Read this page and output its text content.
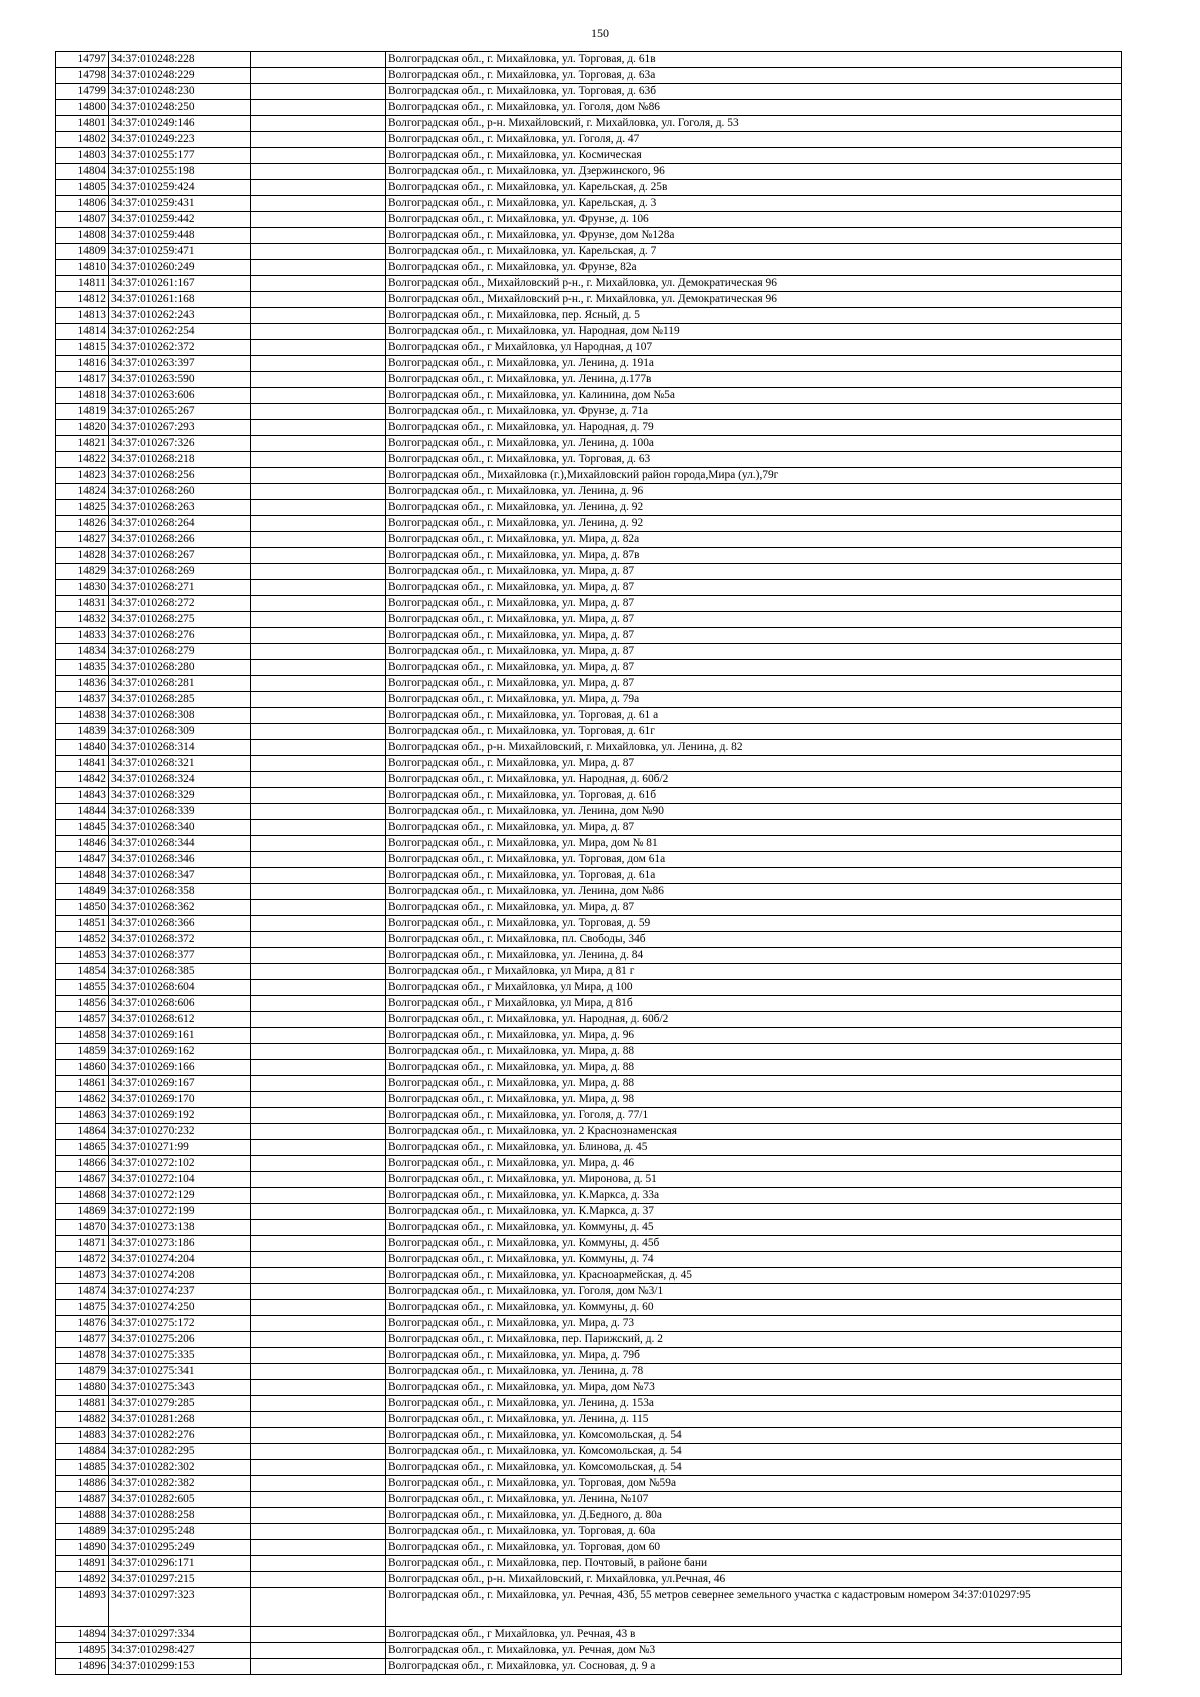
150
14797	34:37:010248:228		Волгоградская обл., г. Михайловка, ул. Торговая, д. 61в
14798	34:37:010248:229		Волгоградская обл., г. Михайловка, ул. Торговая, д. 63а
14799	34:37:010248:230		Волгоградская обл., г. Михайловка, ул. Торговая, д. 63б
14800	34:37:010248:250		Волгоградская обл., г. Михайловка, ул. Гоголя, дом №86
14801	34:37:010249:146		Волгоградская обл., р-н. Михайловский, г. Михайловка, ул. Гоголя, д. 53
14802	34:37:010249:223		Волгоградская обл., г. Михайловка, ул. Гоголя, д. 47
14803	34:37:010255:177		Волгоградская обл., г. Михайловка, ул. Космическая
14804	34:37:010255:198		Волгоградская обл., г. Михайловка, ул. Дзержинского, 96
14805	34:37:010259:424		Волгоградская обл., г. Михайловка, ул. Карельская, д. 25в
14806	34:37:010259:431		Волгоградская обл., г. Михайловка, ул. Карельская, д. 3
14807	34:37:010259:442		Волгоградская обл., г. Михайловка, ул. Фрунзе, д. 106
14808	34:37:010259:448		Волгоградская обл., г. Михайловка, ул. Фрунзе, дом №128а
14809	34:37:010259:471		Волгоградская обл., г. Михайловка, ул. Карельская, д. 7
14810	34:37:010260:249		Волгоградская обл., г. Михайловка, ул. Фрунзе, 82а
14811	34:37:010261:167		Волгоградская обл., Михайловский р-н., г. Михайловка, ул. Демократическая 96
14812	34:37:010261:168		Волгоградская обл., Михайловский р-н., г. Михайловка, ул. Демократическая 96
14813	34:37:010262:243		Волгоградская обл., г. Михайловка, пер. Ясный, д. 5
14814	34:37:010262:254		Волгоградская обл., г. Михайловка, ул. Народная, дом №119
14815	34:37:010262:372		Волгоградская обл., г Михайловка, ул Народная, д 107
14816	34:37:010263:397		Волгоградская обл., г. Михайловка, ул. Ленина, д. 191а
14817	34:37:010263:590		Волгоградская обл., г. Михайловка, ул. Ленина, д.177в
14818	34:37:010263:606		Волгоградская обл., г. Михайловка, ул. Калинина, дом №5а
14819	34:37:010265:267		Волгоградская обл., г. Михайловка, ул. Фрунзе, д. 71а
14820	34:37:010267:293		Волгоградская обл., г. Михайловка, ул. Народная, д. 79
14821	34:37:010267:326		Волгоградская обл., г. Михайловка, ул. Ленина, д. 100а
14822	34:37:010268:218		Волгоградская обл., г. Михайловка, ул. Торговая, д. 63
14823	34:37:010268:256		Волгоградская обл., Михайловка (г.),Михайловский район города,Мира (ул.),79г
14824	34:37:010268:260		Волгоградская обл., г. Михайловка, ул. Ленина, д. 96
14825	34:37:010268:263		Волгоградская обл., г. Михайловка, ул. Ленина, д. 92
14826	34:37:010268:264		Волгоградская обл., г. Михайловка, ул. Ленина, д. 92
14827	34:37:010268:266		Волгоградская обл., г. Михайловка, ул. Мира, д. 82а
14828	34:37:010268:267		Волгоградская обл., г. Михайловка, ул. Мира, д. 87в
14829	34:37:010268:269		Волгоградская обл., г. Михайловка, ул. Мира, д. 87
14830	34:37:010268:271		Волгоградская обл., г. Михайловка, ул. Мира, д. 87
14831	34:37:010268:272		Волгоградская обл., г. Михайловка, ул. Мира, д. 87
14832	34:37:010268:275		Волгоградская обл., г. Михайловка, ул. Мира, д. 87
14833	34:37:010268:276		Волгоградская обл., г. Михайловка, ул. Мира, д. 87
14834	34:37:010268:279		Волгоградская обл., г. Михайловка, ул. Мира, д. 87
14835	34:37:010268:280		Волгоградская обл., г. Михайловка, ул. Мира, д. 87
14836	34:37:010268:281		Волгоградская обл., г. Михайловка, ул. Мира, д. 87
14837	34:37:010268:285		Волгоградская обл., г. Михайловка, ул. Мира, д. 79а
14838	34:37:010268:308		Волгоградская обл., г. Михайловка, ул. Торговая, д. 61 а
14839	34:37:010268:309		Волгоградская обл., г. Михайловка, ул. Торговая, д. 61г
14840	34:37:010268:314		Волгоградская обл., р-н. Михайловский, г. Михайловка, ул. Ленина, д. 82
14841	34:37:010268:321		Волгоградская обл., г. Михайловка, ул. Мира, д. 87
14842	34:37:010268:324		Волгоградская обл., г. Михайловка, ул. Народная, д. 60б/2
14843	34:37:010268:329		Волгоградская обл., г. Михайловка, ул. Торговая, д. 61б
14844	34:37:010268:339		Волгоградская обл., г. Михайловка, ул. Ленина, дом №90
14845	34:37:010268:340		Волгоградская обл., г. Михайловка, ул. Мира, д. 87
14846	34:37:010268:344		Волгоградская обл., г. Михайловка, ул. Мира, дом № 81
14847	34:37:010268:346		Волгоградская обл., г. Михайловка, ул. Торговая, дом 61а
14848	34:37:010268:347		Волгоградская обл., г. Михайловка, ул. Торговая, д. 61а
14849	34:37:010268:358		Волгоградская обл., г. Михайловка, ул. Ленина, дом №86
14850	34:37:010268:362		Волгоградская обл., г. Михайловка, ул. Мира, д. 87
14851	34:37:010268:366		Волгоградская обл., г. Михайловка, ул. Торговая, д. 59
14852	34:37:010268:372		Волгоградская обл., г. Михайловка, пл. Свободы, 34б
14853	34:37:010268:377		Волгоградская обл., г. Михайловка, ул. Ленина, д. 84
14854	34:37:010268:385		Волгоградская обл., г Михайловка, ул Мира, д 81 г
14855	34:37:010268:604		Волгоградская обл., г Михайловка, ул Мира, д 100
14856	34:37:010268:606		Волгоградская обл., г Михайловка, ул Мира, д 81б
14857	34:37:010268:612		Волгоградская обл., г. Михайловка, ул. Народная, д. 60б/2
14858	34:37:010269:161		Волгоградская обл., г. Михайловка, ул. Мира, д. 96
14859	34:37:010269:162		Волгоградская обл., г. Михайловка, ул. Мира, д. 88
14860	34:37:010269:166		Волгоградская обл., г. Михайловка, ул. Мира, д. 88
14861	34:37:010269:167		Волгоградская обл., г. Михайловка, ул. Мира, д. 88
14862	34:37:010269:170		Волгоградская обл., г. Михайловка, ул. Мира, д. 98
14863	34:37:010269:192		Волгоградская обл., г. Михайловка, ул. Гоголя, д. 77/1
14864	34:37:010270:232		Волгоградская обл., г. Михайловка, ул. 2 Краснознаменская
14865	34:37:010271:99		Волгоградская обл., г. Михайловка, ул. Блинова, д. 45
14866	34:37:010272:102		Волгоградская обл., г. Михайловка, ул. Мира, д. 46
14867	34:37:010272:104		Волгоградская обл., г. Михайловка, ул. Миронова, д. 51
14868	34:37:010272:129		Волгоградская обл., г. Михайловка, ул. К.Маркса, д. 33а
14869	34:37:010272:199		Волгоградская обл., г. Михайловка, ул. К.Маркса, д. 37
14870	34:37:010273:138		Волгоградская обл., г. Михайловка, ул. Коммуны, д. 45
14871	34:37:010273:186		Волгоградская обл., г. Михайловка, ул. Коммуны, д. 45б
14872	34:37:010274:204		Волгоградская обл., г. Михайловка, ул. Коммуны, д. 74
14873	34:37:010274:208		Волгоградская обл., г. Михайловка, ул. Красноармейская, д. 45
14874	34:37:010274:237		Волгоградская обл., г. Михайловка, ул. Гоголя, дом №3/1
14875	34:37:010274:250		Волгоградская обл., г. Михайловка, ул. Коммуны, д. 60
14876	34:37:010275:172		Волгоградская обл., г. Михайловка, ул. Мира, д. 73
14877	34:37:010275:206		Волгоградская обл., г. Михайловка, пер. Парижский, д. 2
14878	34:37:010275:335		Волгоградская обл., г. Михайловка, ул. Мира, д. 79б
14879	34:37:010275:341		Волгоградская обл., г. Михайловка, ул. Ленина, д. 78
14880	34:37:010275:343		Волгоградская обл., г. Михайловка, ул. Мира, дом №73
14881	34:37:010279:285		Волгоградская обл., г. Михайловка, ул. Ленина, д. 153а
14882	34:37:010281:268		Волгоградская обл., г. Михайловка, ул. Ленина, д. 115
14883	34:37:010282:276		Волгоградская обл., г. Михайловка, ул. Комсомольская, д. 54
14884	34:37:010282:295		Волгоградская обл., г. Михайловка, ул. Комсомольская, д. 54
14885	34:37:010282:302		Волгоградская обл., г. Михайловка, ул. Комсомольская, д. 54
14886	34:37:010282:382		Волгоградская обл., г. Михайловка, ул. Торговая, дом №59а
14887	34:37:010282:605		Волгоградская обл., г. Михайловка, ул. Ленина, №107
14888	34:37:010288:258		Волгоградская обл., г. Михайловка, ул. Д.Бедного, д. 80а
14889	34:37:010295:248		Волгоградская обл., г. Михайловка, ул. Торговая, д. 60а
14890	34:37:010295:249		Волгоградская обл., г. Михайловка, ул. Торговая, дом 60
14891	34:37:010296:171		Волгоградская обл., г. Михайловка, пер. Почтовый, в районе бани
14892	34:37:010297:215		Волгоградская обл., р-н. Михайловский, г. Михайловка, ул.Речная, 46
14893	34:37:010297:323		Волгоградская обл., г. Михайловка, ул. Речная, 43б, 55 метров севернее земельного участка с кадастровым номером 34:37:010297:95
14894	34:37:010297:334		Волгоградская обл., г Михайловка, ул. Речная, 43 в
14895	34:37:010298:427		Волгоградская обл., г. Михайловка, ул. Речная, дом №3
14896	34:37:010299:153		Волгоградская обл., г. Михайловка, ул. Сосновая, д. 9 а
